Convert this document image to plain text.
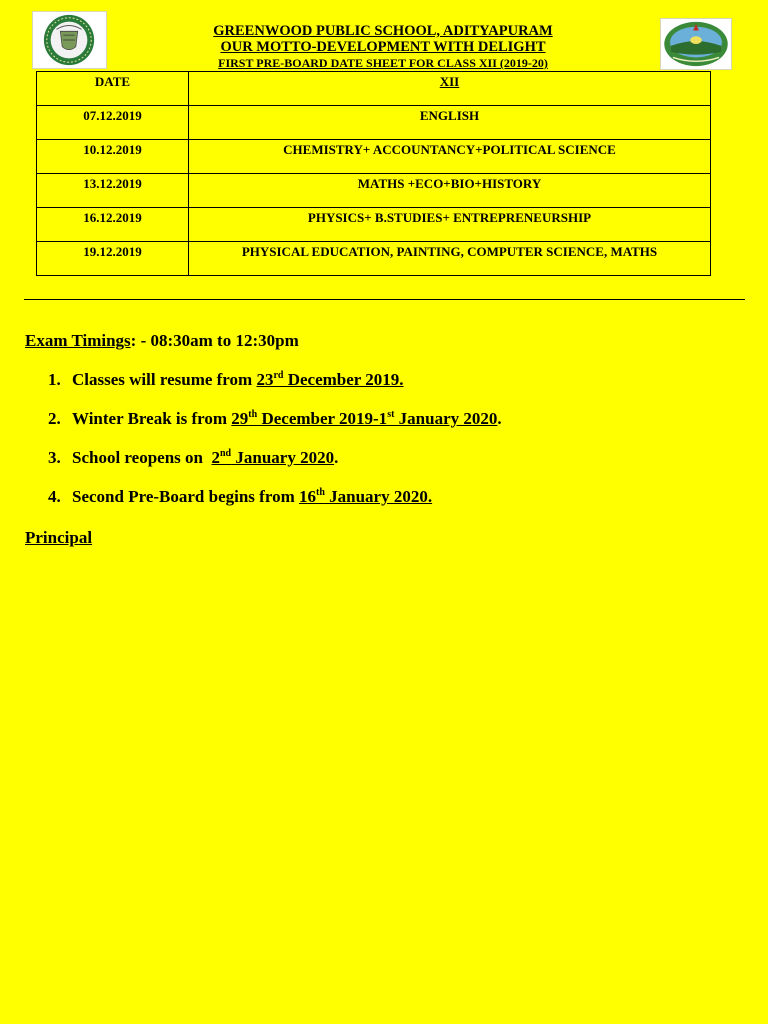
GREENWOOD PUBLIC SCHOOL, ADITYAPURAM
OUR MOTTO-DEVELOPMENT WITH DELIGHT
FIRST PRE-BOARD DATE SHEET FOR CLASS XII (2019-20)
DATE	XII

07.12.2019	ENGLISH

10.12.2019	CHEMISTRY+ ACCOUNTANCY+POLITICAL SCIENCE

13.12.2019	MATHS +ECO+BIO+HISTORY

16.12.2019	PHYSICS+ B.STUDIES+ ENTREPRENEURSHIP

19.12.2019	PHYSICAL EDUCATION, PAINTING, COMPUTER SCIENCE, MATHS
Exam Timings: - 08:30am to 12:30pm
1. Classes will resume from 23rd December 2019.
2. Winter Break is from 29th December 2019-1st January 2020.
3. School reopens on  2nd January 2020.
4. Second Pre-Board begins from 16th January 2020.
Principal
